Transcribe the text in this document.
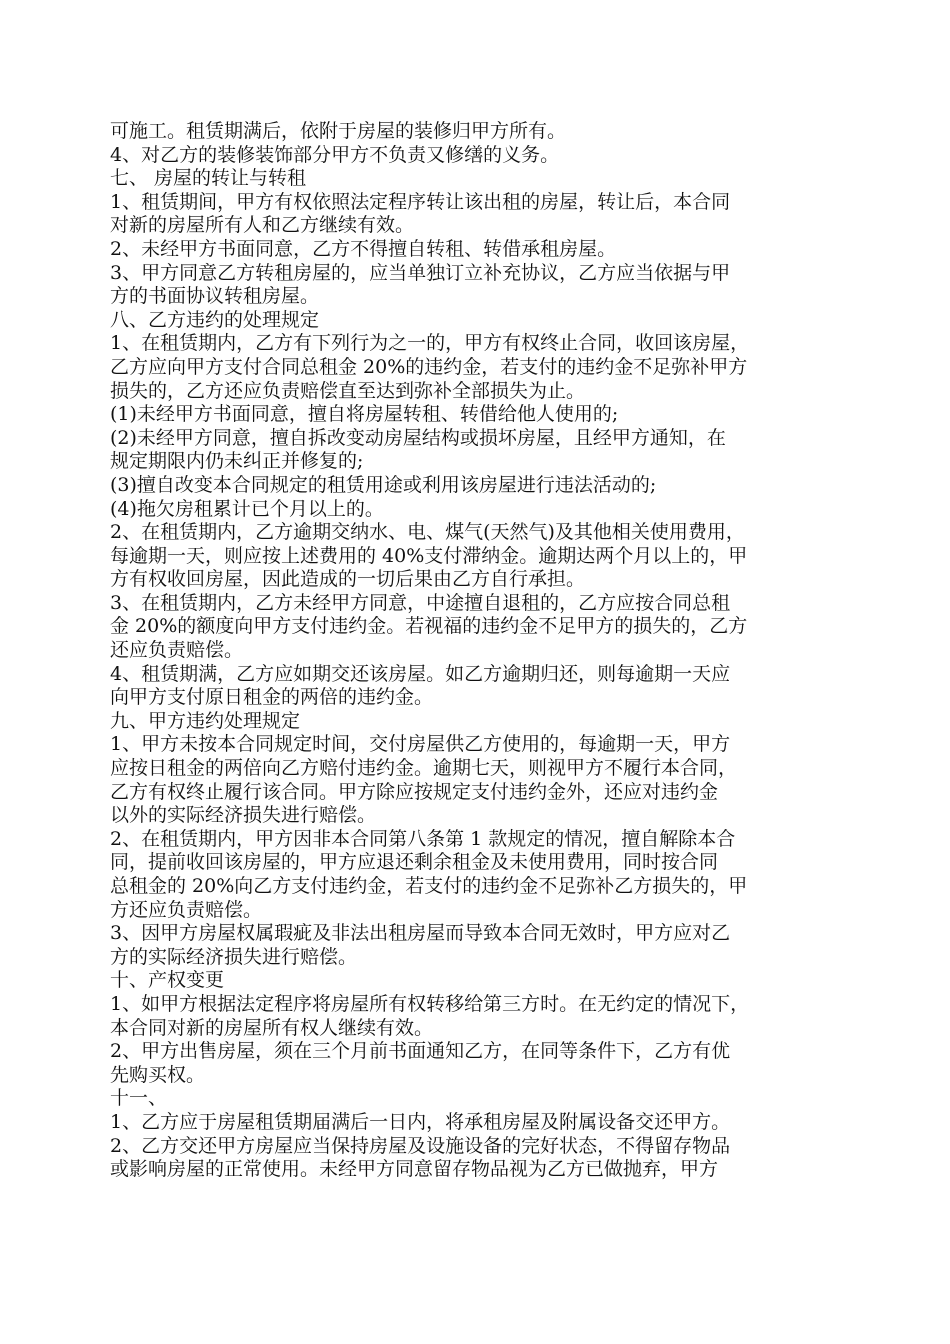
可施工。租赁期满后，依附于房屋的装修归甲方所有。
4、对乙方的装修装饰部分甲方不负责又修缮的义务。
七、 房屋的转让与转租
1、租赁期间，甲方有权依照法定程序转让该出租的房屋，转让后，本合同
对新的房屋所有人和乙方继续有效。
2、未经甲方书面同意，乙方不得擅自转租、转借承租房屋。
3、甲方同意乙方转租房屋的，应当单独订立补充协议，乙方应当依据与甲
方的书面协议转租房屋。
八、乙方违约的处理规定
1、在租赁期内，乙方有下列行为之一的，甲方有权终止合同，收回该房屋，
乙方应向甲方支付合同总租金 20%的违约金，若支付的违约金不足弥补甲方
损失的，乙方还应负责赔偿直至达到弥补全部损失为止。
(1)未经甲方书面同意，擅自将房屋转租、转借给他人使用的;
(2)未经甲方同意，擅自拆改变动房屋结构或损坏房屋，且经甲方通知，在
规定期限内仍未纠正并修复的;
(3)擅自改变本合同规定的租赁用途或利用该房屋进行违法活动的;
(4)拖欠房租累计已个月以上的。
2、在租赁期内，乙方逾期交纳水、电、煤气(天然气)及其他相关使用费用，
每逾期一天，则应按上述费用的 40%支付滞纳金。逾期达两个月以上的，甲
方有权收回房屋，因此造成的一切后果由乙方自行承担。
3、在租赁期内，乙方未经甲方同意，中途擅自退租的，乙方应按合同总租
金 20%的额度向甲方支付违约金。若视福的违约金不足甲方的损失的，乙方
还应负责赔偿。
4、租赁期满，乙方应如期交还该房屋。如乙方逾期归还，则每逾期一天应
向甲方支付原日租金的两倍的违约金。
九、甲方违约处理规定
1、甲方未按本合同规定时间，交付房屋供乙方使用的，每逾期一天，甲方
应按日租金的两倍向乙方赔付违约金。逾期七天，则视甲方不履行本合同，
乙方有权终止履行该合同。甲方除应按规定支付违约金外，还应对违约金
以外的实际经济损失进行赔偿。
2、在租赁期内，甲方因非本合同第八条第 1 款规定的情况，擅自解除本合
同，提前收回该房屋的，甲方应退还剩余租金及未使用费用，同时按合同
总租金的 20%向乙方支付违约金，若支付的违约金不足弥补乙方损失的，甲
方还应负责赔偿。
3、因甲方房屋权属瑕疵及非法出租房屋而导致本合同无效时，甲方应对乙
方的实际经济损失进行赔偿。
十、产权变更
1、如甲方根据法定程序将房屋所有权转移给第三方时。在无约定的情况下，
本合同对新的房屋所有权人继续有效。
2、甲方出售房屋，须在三个月前书面通知乙方，在同等条件下，乙方有优
先购买权。
十一、
1、乙方应于房屋租赁期届满后一日内，将承租房屋及附属设备交还甲方。
2、乙方交还甲方房屋应当保持房屋及设施设备的完好状态，不得留存物品
或影响房屋的正常使用。未经甲方同意留存物品视为乙方已做抛弃，甲方
